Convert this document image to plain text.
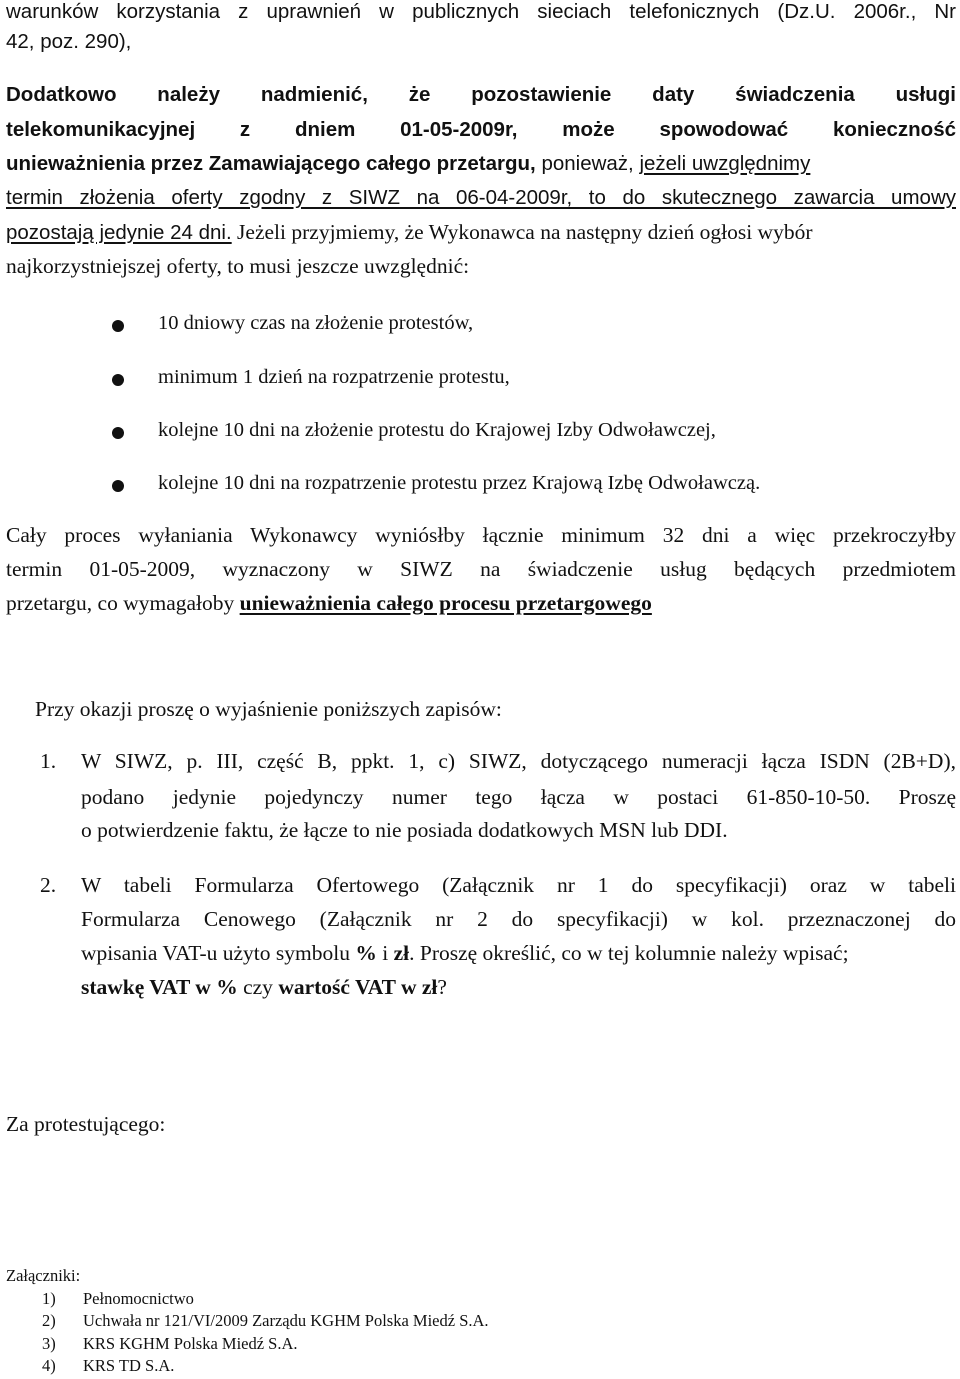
warunków korzystania z uprawnień w publicznych sieciach telefonicznych (Dz.U. 2006r., Nr
42, poz. 290),
Dodatkowo należy nadmienić, że pozostawienie daty świadczenia usługi
telekomunikacyjnej z dniem 01-05-2009r, może spowodować konieczność
unieważnienia przez Zamawiającego całego przetargu, ponieważ, jeżeli uwzględnimy
termin złożenia oferty zgodny z SIWZ na 06-04-2009r, to do skutecznego zawarcia umowy
pozostają jedynie 24 dni. Jeżeli przyjmiemy, że Wykonawca na następny dzień ogłosi wybór
najkorzystniejszej oferty, to musi jeszcze uwzględnić:
10 dniowy czas na złożenie protestów,
minimum 1 dzień na rozpatrzenie protestu,
kolejne 10 dni na złożenie protestu do Krajowej Izby Odwoławczej,
kolejne 10 dni na rozpatrzenie protestu przez Krajową Izbę Odwoławczą.
Cały proces wyłaniania Wykonawcy wyniósłby łącznie minimum 32 dni a więc przekroczyłby
termin 01-05-2009, wyznaczony w SIWZ na świadczenie usług będących przedmiotem
przetargu, co wymagałoby unieważnienia całego procesu przetargowego
Przy okazji proszę o wyjaśnienie poniższych zapisów:
1. W SIWZ, p. III, część B, ppkt. 1, c) SIWZ, dotyczącego numeracji łącza ISDN (2B+D),
podano jedynie pojedynczy numer tego łącza w postaci 61-850-10-50. Proszę
o potwierdzenie faktu, że łącze to nie posiada dodatkowych MSN lub DDI.
2. W tabeli Formularza Ofertowego (Załącznik nr 1 do specyfikacji) oraz w tabeli
Formularza Cenowego (Załącznik nr 2 do specyfikacji) w kol. przeznaczonej do
wpisania VAT-u użyto symbolu % i zł. Proszę określić, co w tej kolumnie należy wpisać;
stawkę VAT w % czy wartość VAT w zł?
Za protestującego:
Załączniki:
1) Pełnomocnictwo
2) Uchwała nr 121/VI/2009 Zarządu KGHM Polska Miedź S.A.
3) KRS KGHM Polska Miedź S.A.
4) KRS TD S.A.
